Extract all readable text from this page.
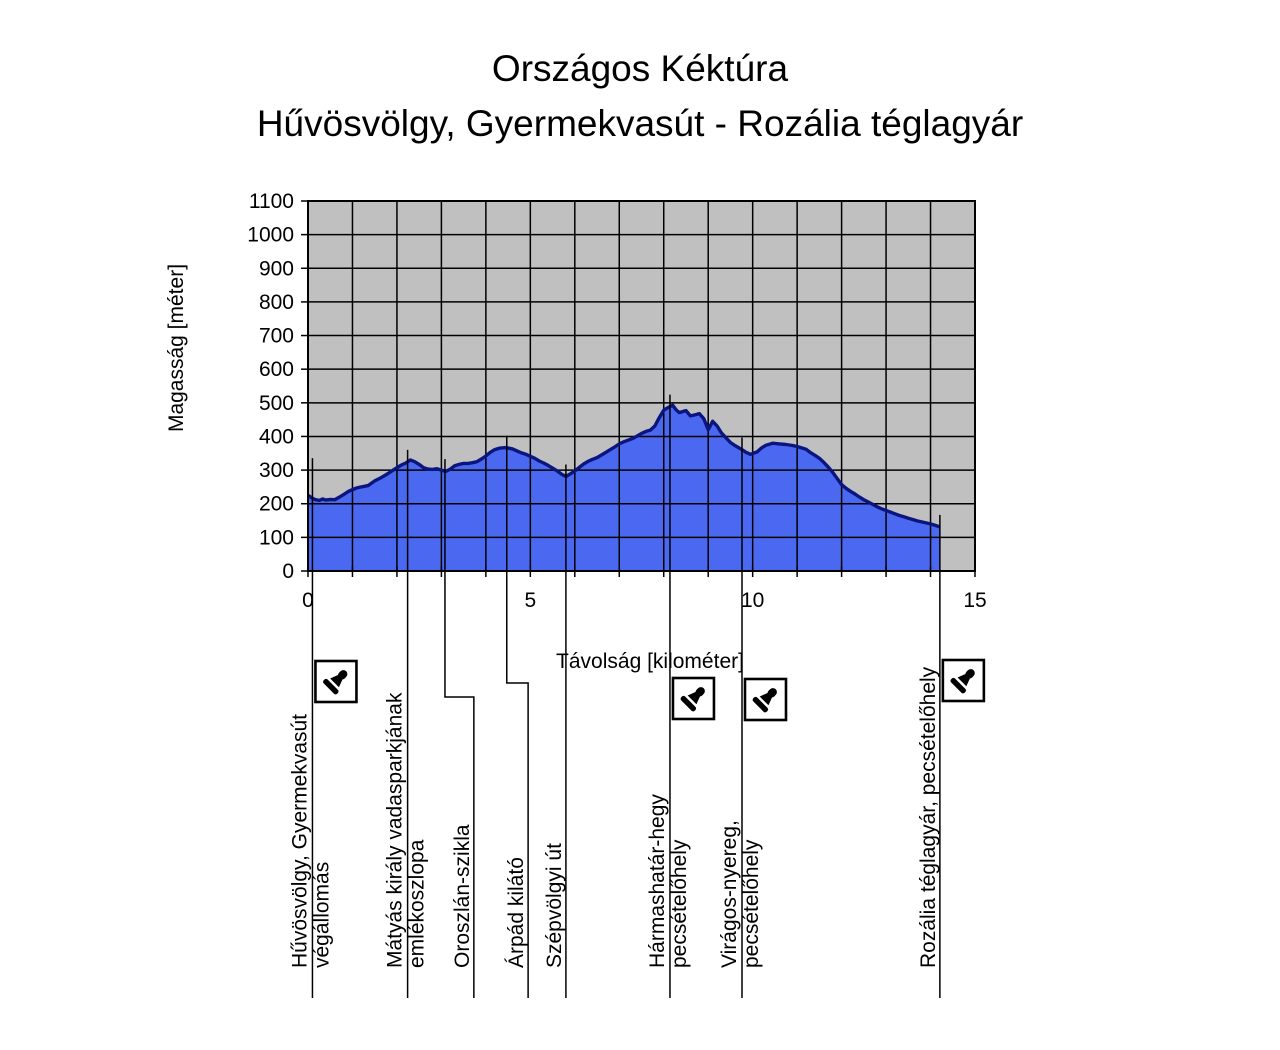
Országos Kéktúra
Hűvösvölgy, Gyermekvasút - Rozália téglagyár
0
100
200
300
400
500
600
700
800
900
1000
1100
0	5	10	15
Magasság [méter]
Távolság [kilométer]
Hűvösvölgy, Gyermekvasút végállomás Mátyás király vadasparkjának emlékoszlopa Oroszlán-szikla Árpád kilátó Szépvölgyi út	Hármashatár-hegy pecsételőhely Virágos-nyereg, pecsételőhely	Rozália téglagyár, pecsételőhely
